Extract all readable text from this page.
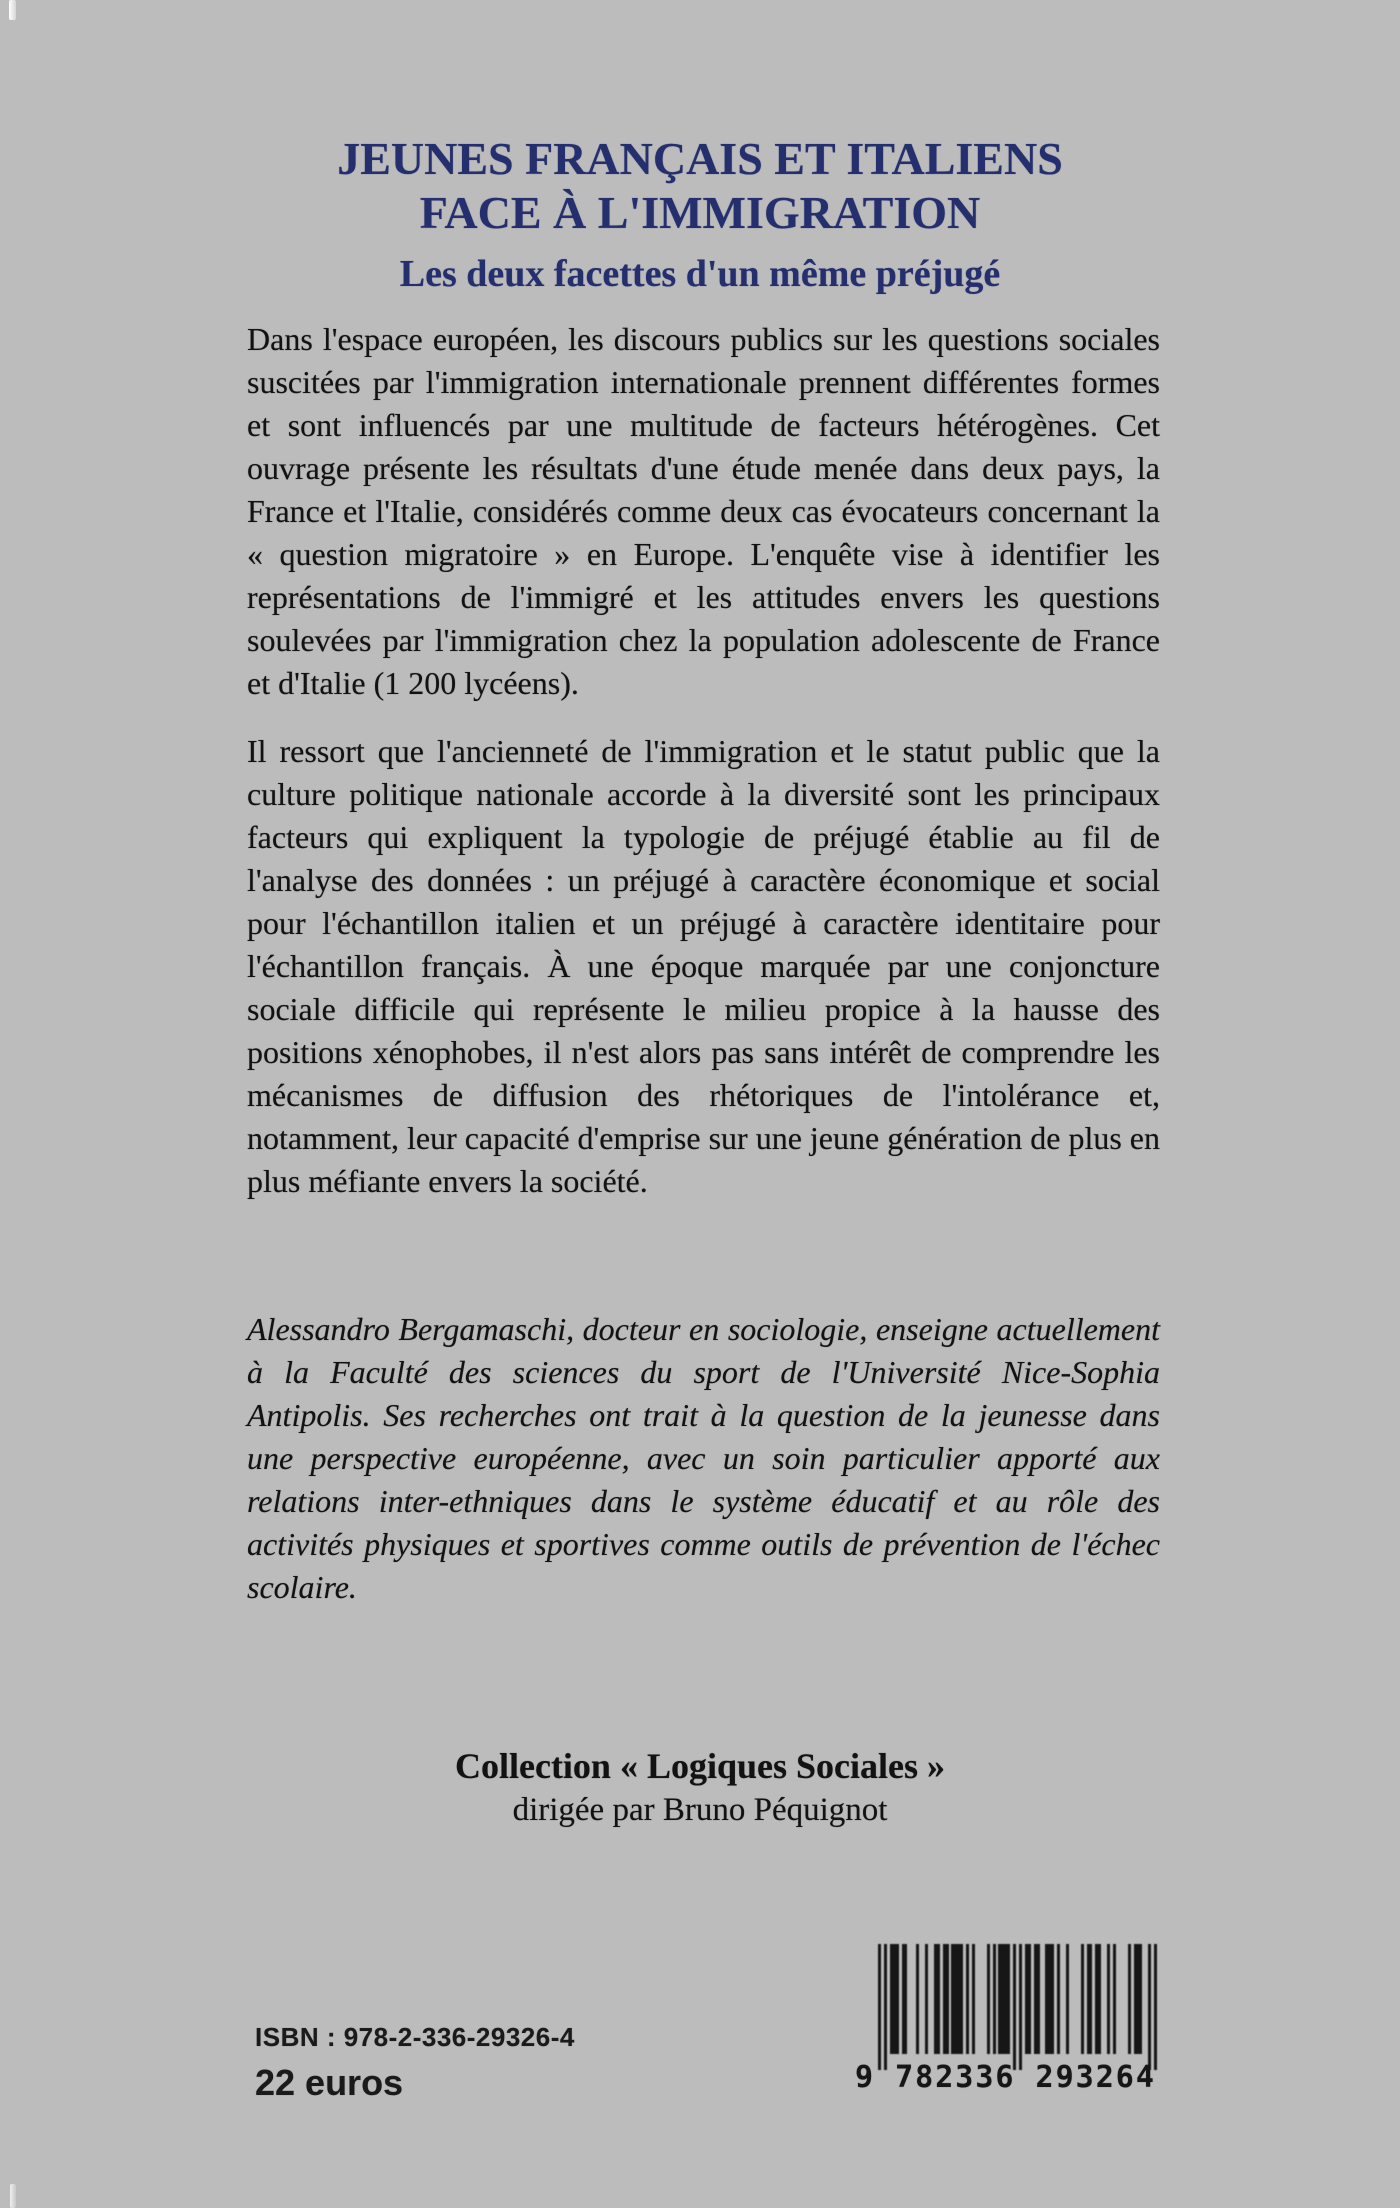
JEUNES FRANÇAIS ET ITALIENS
FACE À L'IMMIGRATION
Les deux facettes d'un même préjugé

Dans l'espace européen, les discours publics sur les questions sociales suscitées par l'immigration internationale prennent différentes formes et sont influencés par une multitude de facteurs hétérogènes. Cet ouvrage présente les résultats d'une étude menée dans deux pays, la France et l'Italie, considérés comme deux cas évocateurs concernant la « question migratoire » en Europe. L'enquête vise à identifier les représentations de l'immigré et les attitudes envers les questions soulevées par l'immigration chez la population adolescente de France et d'Italie (1 200 lycéens).

Il ressort que l'ancienneté de l'immigration et le statut public que la culture politique nationale accorde à la diversité sont les principaux facteurs qui expliquent la typologie de préjugé établie au fil de l'analyse des données : un préjugé à caractère économique et social pour l'échantillon italien et un préjugé à caractère identitaire pour l'échantillon français. À une époque marquée par une conjoncture sociale difficile qui représente le milieu propice à la hausse des positions xénophobes, il n'est alors pas sans intérêt de comprendre les mécanismes de diffusion des rhétoriques de l'intolérance et, notamment, leur capacité d'emprise sur une jeune génération de plus en plus méfiante envers la société.

Alessandro Bergamaschi, docteur en sociologie, enseigne actuellement à la Faculté des sciences du sport de l'Université Nice-Sophia Antipolis. Ses recherches ont trait à la question de la jeunesse dans une perspective européenne, avec un soin particulier apporté aux relations inter-ethniques dans le système éducatif et au rôle des activités physiques et sportives comme outils de prévention de l'échec scolaire.

Collection « Logiques Sociales »
dirigée par Bruno Péquignot
ISBN : 978-2-336-29326-4
22 euros	9 782336 293264
